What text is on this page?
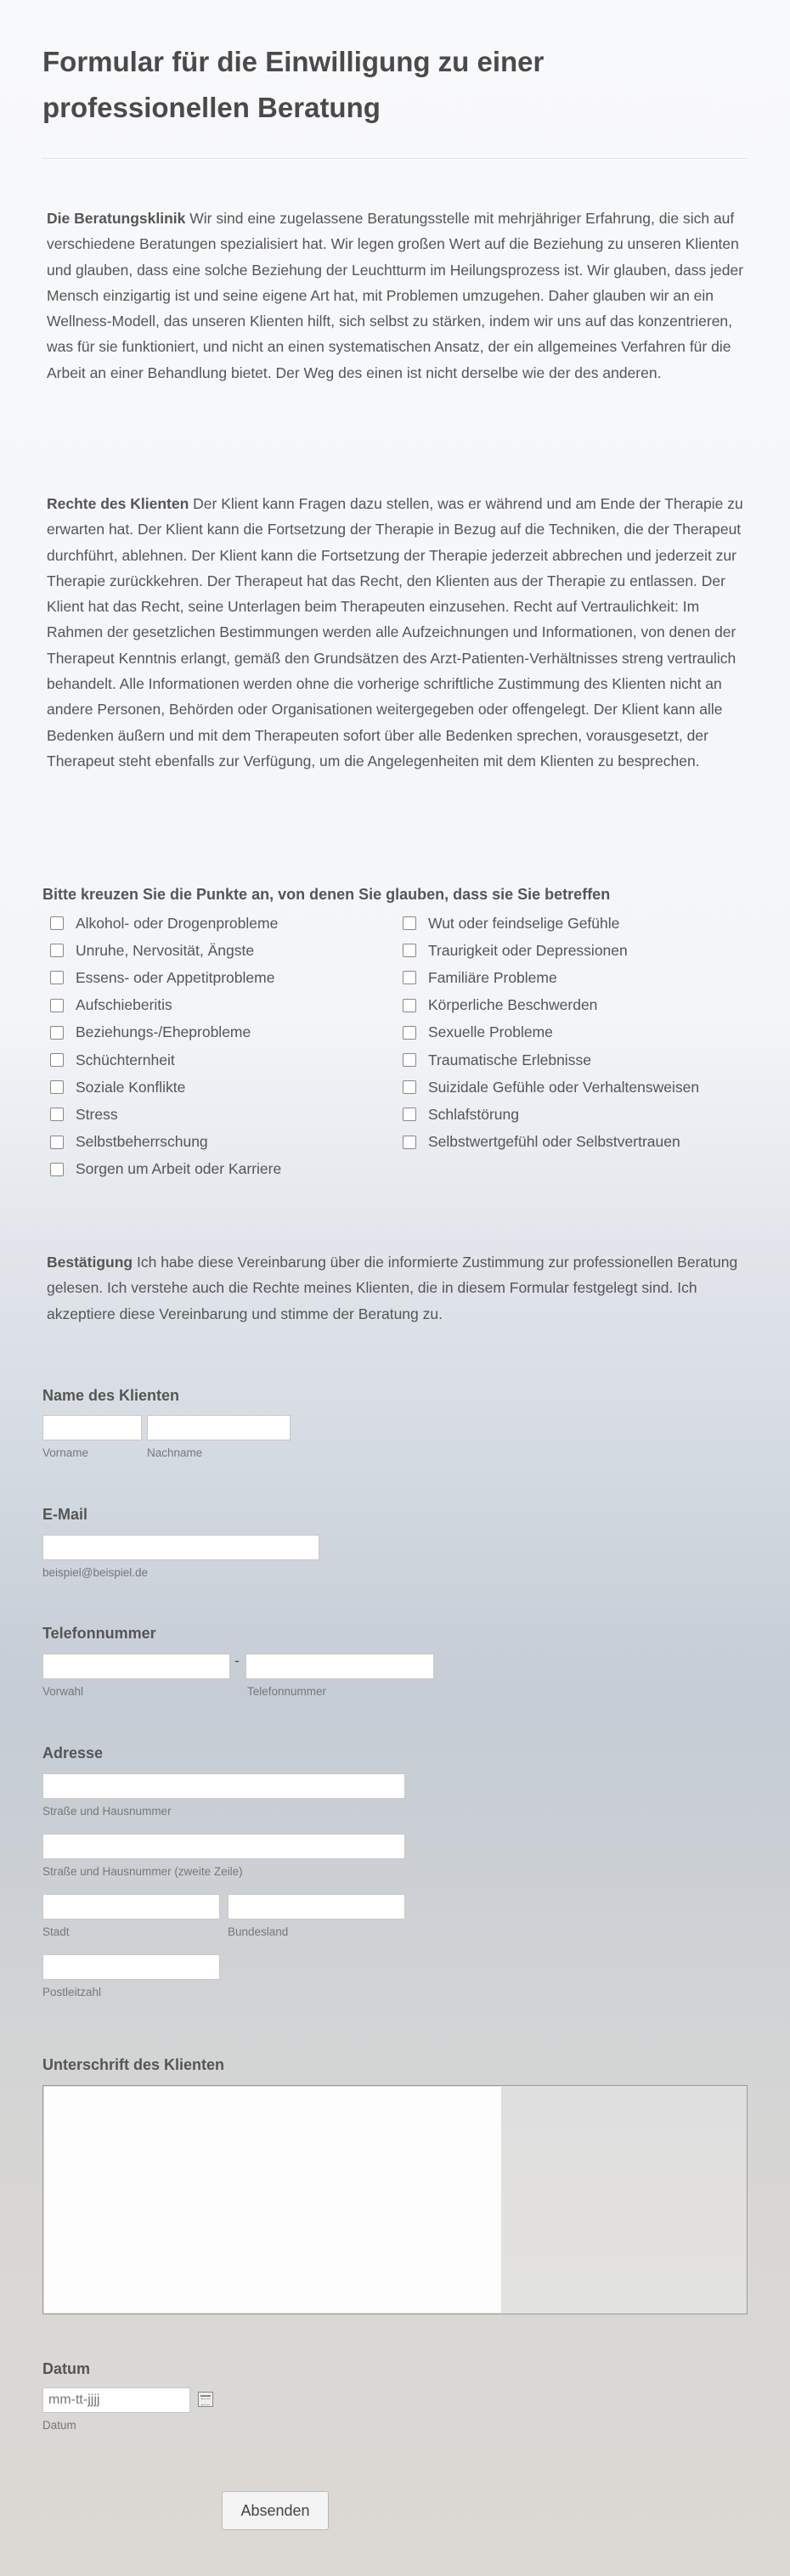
Formular für die Einwilligung zu einer professionellen Beratung

Die Beratungsklinik Wir sind eine zugelassene Beratungsstelle mit mehrjähriger Erfahrung, die sich auf verschiedene Beratungen spezialisiert hat. Wir legen großen Wert auf die Beziehung zu unseren Klienten und glauben, dass eine solche Beziehung der Leuchtturm im Heilungsprozess ist. Wir glauben, dass jeder Mensch einzigartig ist und seine eigene Art hat, mit Problemen umzugehen. Daher glauben wir an ein Wellness-Modell, das unseren Klienten hilft, sich selbst zu stärken, indem wir uns auf das konzentrieren, was für sie funktioniert, und nicht an einen systematischen Ansatz, der ein allgemeines Verfahren für die Arbeit an einer Behandlung bietet. Der Weg des einen ist nicht derselbe wie der des anderen.

Rechte des Klienten Der Klient kann Fragen dazu stellen, was er während und am Ende der Therapie zu erwarten hat. Der Klient kann die Fortsetzung der Therapie in Bezug auf die Techniken, die der Therapeut durchführt, ablehnen. Der Klient kann die Fortsetzung der Therapie jederzeit abbrechen und jederzeit zur Therapie zurückkehren. Der Therapeut hat das Recht, den Klienten aus der Therapie zu entlassen. Der Klient hat das Recht, seine Unterlagen beim Therapeuten einzusehen. Recht auf Vertraulichkeit: Im Rahmen der gesetzlichen Bestimmungen werden alle Aufzeichnungen und Informationen, von denen der Therapeut Kenntnis erlangt, gemäß den Grundsätzen des Arzt-Patienten-Verhältnisses streng vertraulich behandelt. Alle Informationen werden ohne die vorherige schriftliche Zustimmung des Klienten nicht an andere Personen, Behörden oder Organisationen weitergegeben oder offengelegt. Der Klient kann alle Bedenken äußern und mit dem Therapeuten sofort über alle Bedenken sprechen, vorausgesetzt, der Therapeut steht ebenfalls zur Verfügung, um die Angelegenheiten mit dem Klienten zu besprechen.

Bitte kreuzen Sie die Punkte an, von denen Sie glauben, dass sie Sie betreffen

Alkohol- oder Drogenprobleme
Unruhe, Nervosität, Ängste
Essens- oder Appetitprobleme
Aufschieberitis
Beziehungs-/Eheprobleme
Schüchternheit
Soziale Konflikte
Stress
Selbstbeherrschung
Sorgen um Arbeit oder Karriere
Wut oder feindselige Gefühle
Traurigkeit oder Depressionen
Familiäre Probleme
Körperliche Beschwerden
Sexuelle Probleme
Traumatische Erlebnisse
Suizidale Gefühle oder Verhaltensweisen
Schlafstörung
Selbstwertgefühl oder Selbstvertrauen

Bestätigung Ich habe diese Vereinbarung über die informierte Zustimmung zur professionellen Beratung gelesen. Ich verstehe auch die Rechte meines Klienten, die in diesem Formular festgelegt sind. Ich akzeptiere diese Vereinbarung und stimme der Beratung zu.

Name des Klienten

Vorname	Nachname

E-Mail

beispiel@beispiel.de

Telefonnummer

-
Vorwahl	Telefonnummer

Adresse

Straße und Hausnummer
Straße und Hausnummer (zweite Zeile)
Stadt	Bundesland
Postleitzahl

Unterschrift des Klienten

Datum

mm-tt-jjjj
Datum
Absenden
